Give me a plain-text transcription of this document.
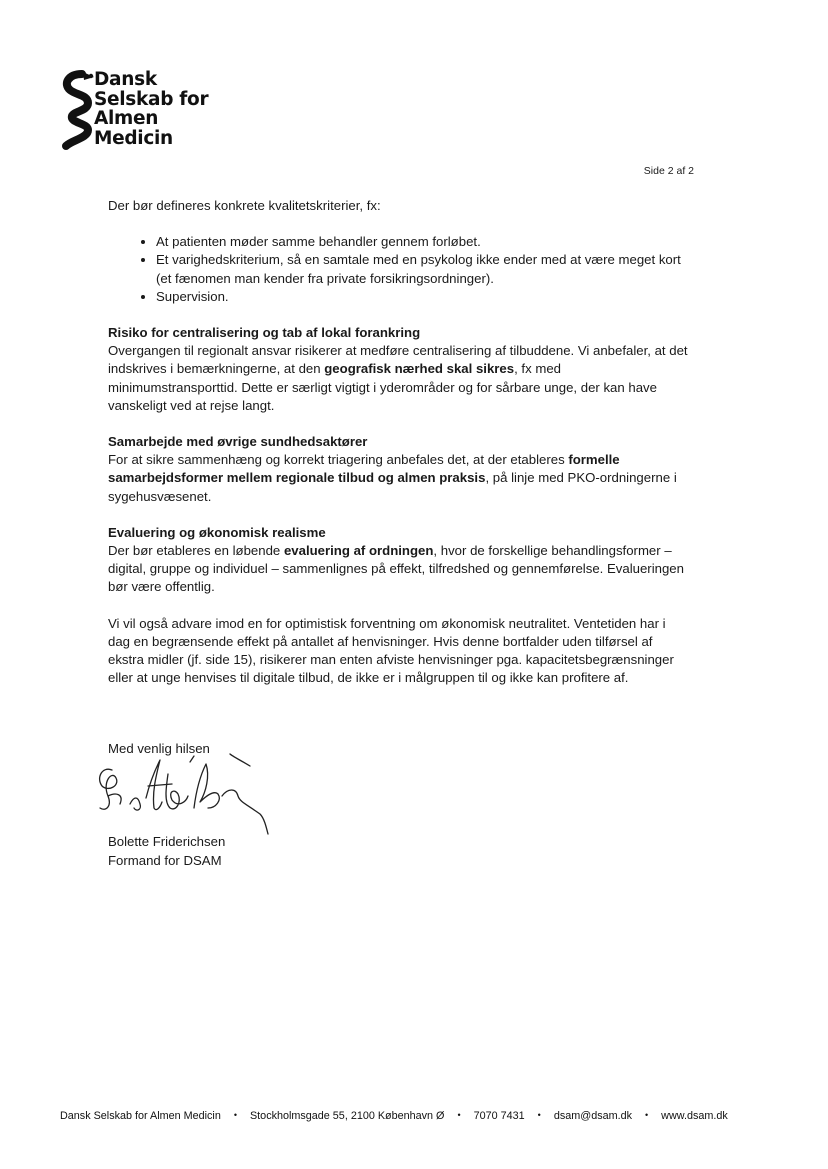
Dansk
Selskab for
Almen
Medicin
Side 2 af 2

Der bør defineres konkrete kvalitetskriterier, fx:

• At patienten møder samme behandler gennem forløbet.
• Et varighedskriterium, så en samtale med en psykolog ikke ender med at være meget kort (et fænomen man kender fra private forsikringsordninger).
• Supervision.
Risiko for centralisering og tab af lokal forankring

Overgangen til regionalt ansvar risikerer at medføre centralisering af tilbuddene. Vi anbefaler, at det indskrives i bemærkningerne, at den geografisk nærhed skal sikres, fx med minimumstransporttid. Dette er særligt vigtigt i yderområder og for sårbare unge, der kan have vanskeligt ved at rejse langt.

Samarbejde med øvrige sundhedsaktører

For at sikre sammenhæng og korrekt triagering anbefales det, at der etableres formelle samarbejdsformer mellem regionale tilbud og almen praksis, på linje med PKO-ordningerne i sygehusvæsenet.

Evaluering og økonomisk realisme

Der bør etableres en løbende evaluering af ordningen, hvor de forskellige behandlingsformer – digital, gruppe og individuel – sammenlignes på effekt, tilfredshed og gennemførelse. Evalueringen bør være offentlig.

Vi vil også advare imod en for optimistisk forventning om økonomisk neutralitet. Ventetiden har i dag en begrænsende effekt på antallet af henvisninger. Hvis denne bortfalder uden tilførsel af ekstra midler (jf. side 15), risikerer man enten afviste henvisninger pga. kapacitetsbegrænsninger eller at unge henvises til digitale tilbud, de ikke er i målgruppen til og ikke kan profitere af.

Med venlig hilsen
Bolette Friderichsen
Formand for DSAM
Dansk Selskab for Almen Medicin • Stockholmsgade 55, 2100 København Ø • 7070 7431 • dsam@dsam.dk • www.dsam.dk
